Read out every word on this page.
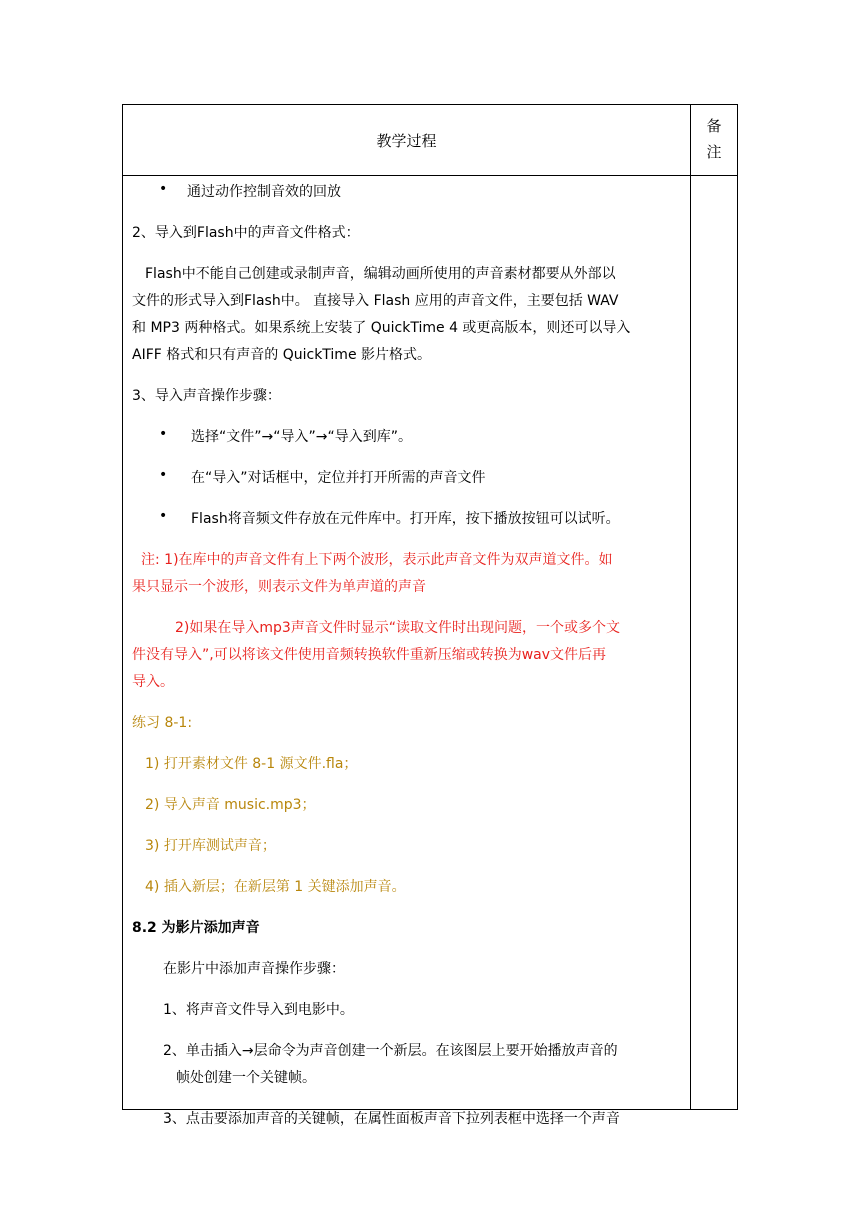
教学过程
备
注
• 通过动作控制音效的回放
2、导入到Flash中的声音文件格式：
Flash中不能自己创建或录制声音，编辑动画所使用的声音素材都要从外部以
文件的形式导入到Flash中。 直接导入 Flash 应用的声音文件，主要包括 WAV
和 MP3 两种格式。如果系统上安装了 QuickTime 4 或更高版本，则还可以导入
AIFF 格式和只有声音的 QuickTime 影片格式。
3、导入声音操作步骤：
• 选择“文件”→“导入”→“导入到库”。
• 在“导入”对话框中，定位并打开所需的声音文件
• Flash将音频文件存放在元件库中。打开库，按下播放按钮可以试听。
注: 1)在库中的声音文件有上下两个波形，表示此声音文件为双声道文件。如
果只显示一个波形，则表示文件为单声道的声音
2)如果在导入mp3声音文件时显示“读取文件时出现问题，一个或多个文
件没有导入”,可以将该文件使用音频转换软件重新压缩或转换为wav文件后再
导入。
练习 8-1:
1) 打开素材文件 8-1 源文件.fla；
2) 导入声音 music.mp3；
3) 打开库测试声音；
4) 插入新层；在新层第 1 关键添加声音。
8.2 为影片添加声音
在影片中添加声音操作步骤：
1、将声音文件导入到电影中。
2、单击插入→层命令为声音创建一个新层。在该图层上要开始播放声音的
帧处创建一个关键帧。
3、点击要添加声音的关键帧，在属性面板声音下拉列表框中选择一个声音
